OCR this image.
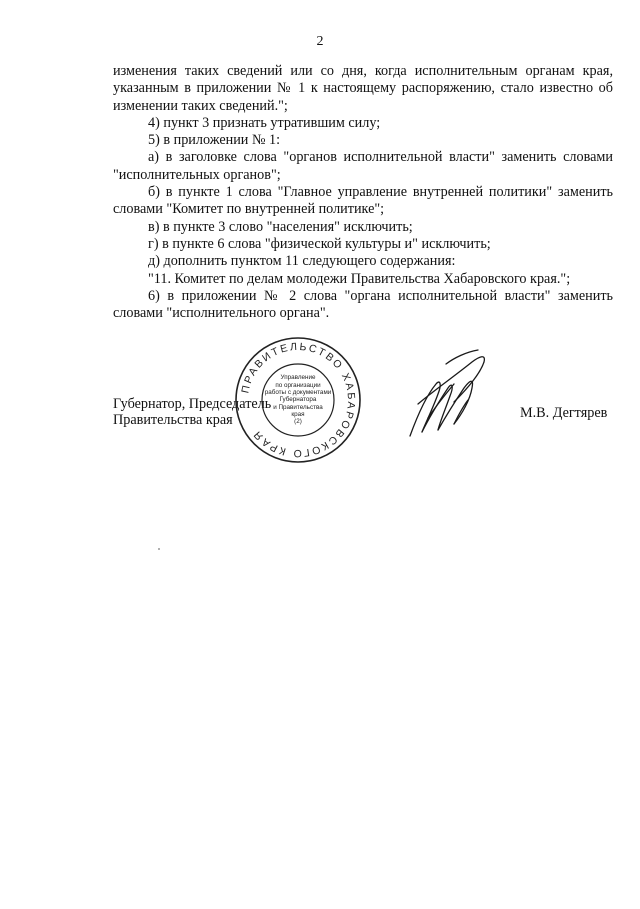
2

изменения таких сведений или со дня, когда исполнительным органам края, указанным в приложении № 1 к настоящему распоряжению, стало известно об изменении таких сведений.";

4) пункт 3 признать утратившим силу;

5) в приложении № 1:

а) в заголовке слова "органов исполнительной власти" заменить словами "исполнительных органов";

б) в пункте 1 слова "Главное управление внутренней политики" заменить словами "Комитет по внутренней политике";

в) в пункте 3 слово "населения" исключить;

г) в пункте 6 слова "физической культуры и" исключить;

д) дополнить пунктом 11 следующего содержания:

"11. Комитет по делам молодежи Правительства Хабаровского края.";

6) в приложении № 2 слова "органа исполнительной власти" заменить словами "исполнительного органа".

Губернатор, Председатель
Правительства края
ПРАВИТЕЛЬСТВО ХАБАРОВСКОГО КРАЯ
Управление
по организации
работы с документами
Губернатора
и Правительства
края
(2)
М.В. Дегтярев
